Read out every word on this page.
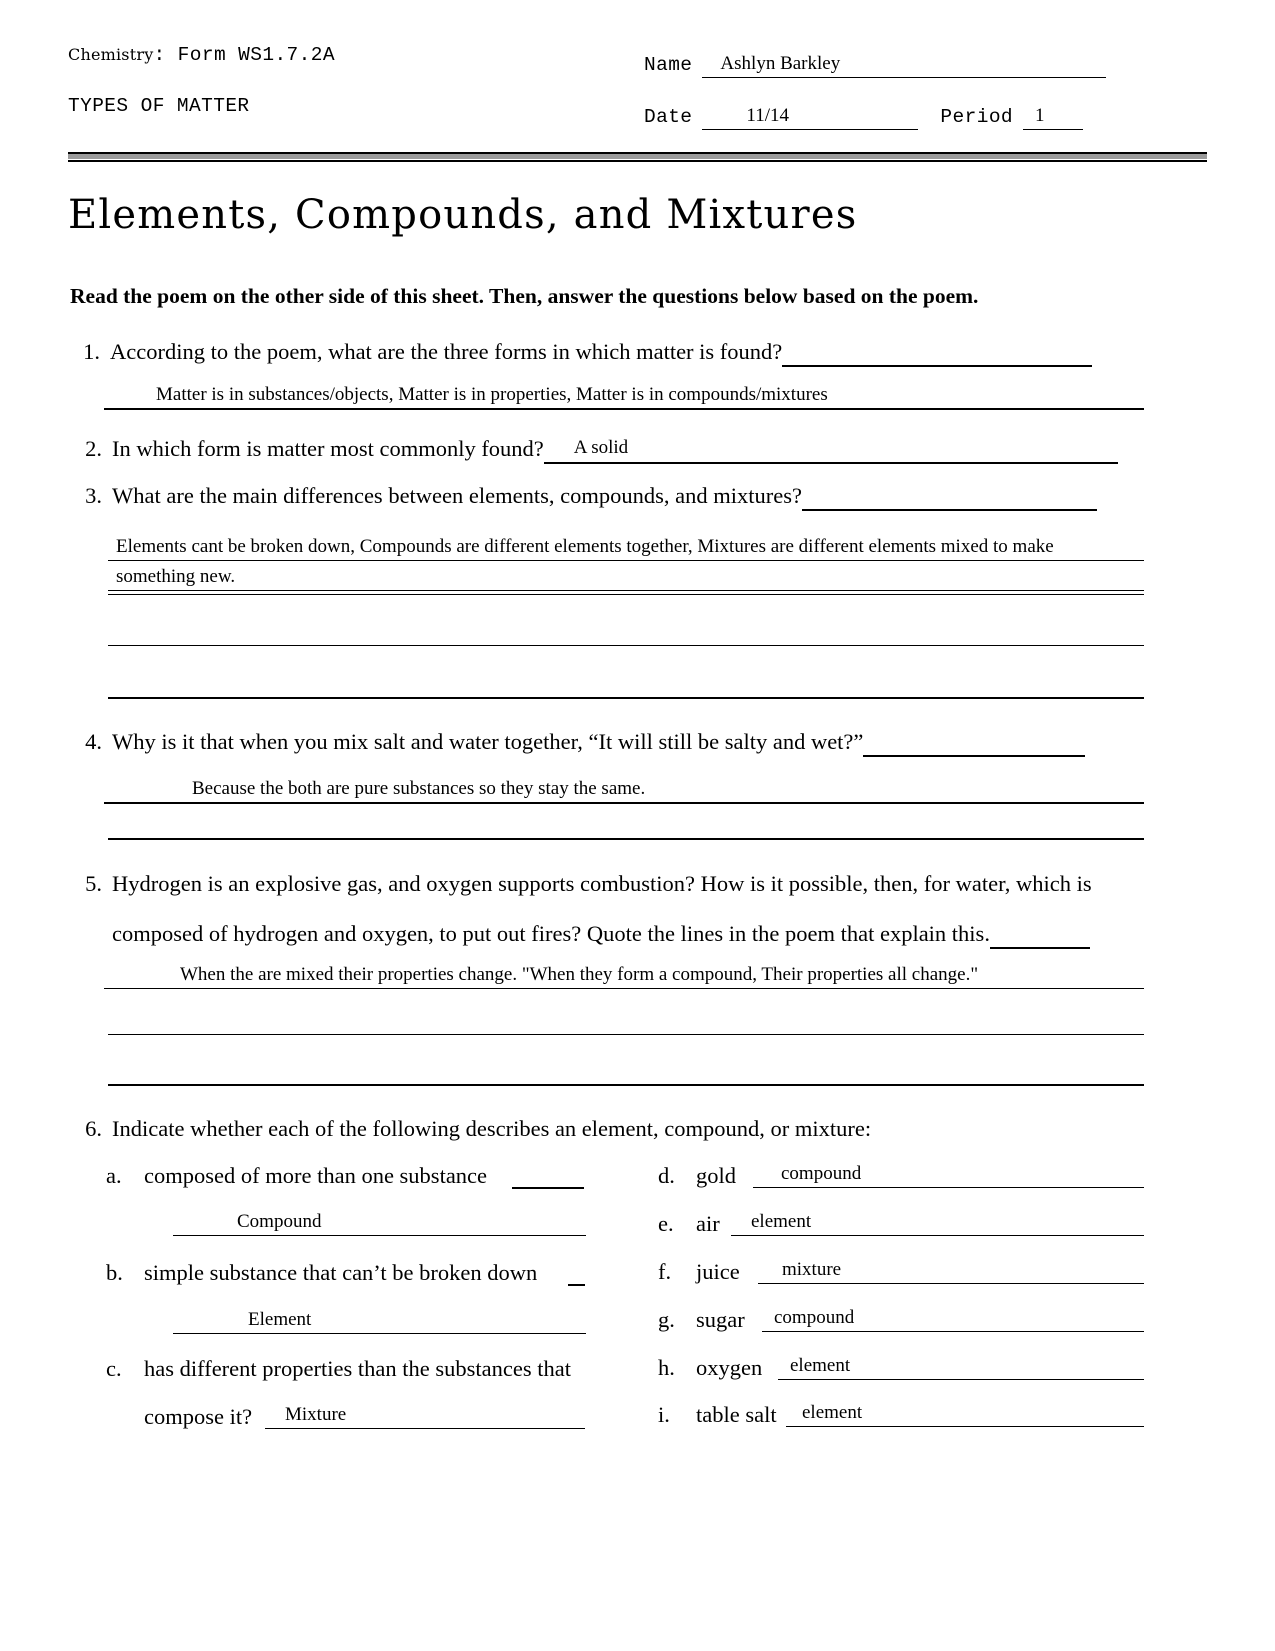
Chemistry: Form WS1.7.2A
TYPES OF MATTER
Name	Ashlyn Barkley
Date	11/14	Period	1
Elements, Compounds, and Mixtures
Read the poem on the other side of this sheet. Then, answer the questions below based on the poem.
1. According to the poem, what are the three forms in which matter is found?
Matter is in substances/objects, Matter is in properties, Matter is in compounds/mixtures
2. In which form is matter most commonly found? A solid
3. What are the main differences between elements, compounds, and mixtures?
Elements cant be broken down, Compounds are different elements together, Mixtures are different elements mixed to make
something new.
4. Why is it that when you mix salt and water together, “It will still be salty and wet?”
Because the both are pure substances so they stay the same.
5. Hydrogen is an explosive gas, and oxygen supports combustion? How is it possible, then, for water, which is
composed of hydrogen and oxygen, to put out fires? Quote the lines in the poem that explain this.
When the are mixed their properties change. "When they form a compound, Their properties all change."
6. Indicate whether each of the following describes an element, compound, or mixture:
a. composed of more than one substance
Compound
b. simple substance that can’t be broken down
Element
c. has different properties than the substances that
compose it? Mixture
d. gold compound
e. air element
f.	juice mixture
g. sugar compound
h. oxygen element
i.	table salt element
